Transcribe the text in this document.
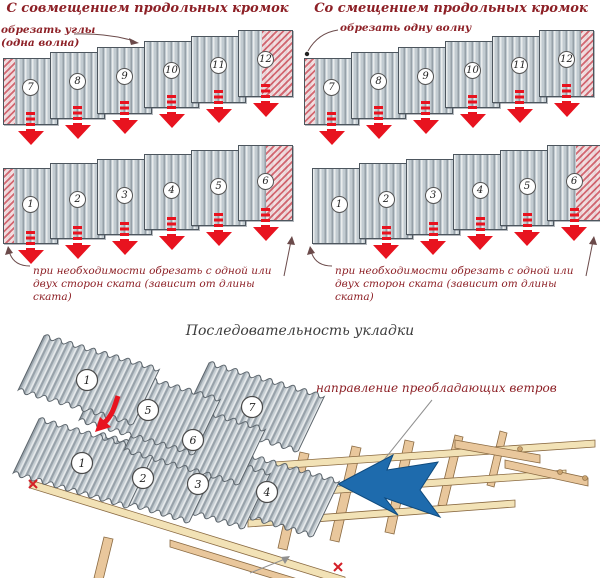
С совмещением продольных кромок
обрезать углы
(одна волна)
7
8	9
10	11
12
1	2	3	4	5	6

при необходимости обрезать с одной или двух сторон ската (зависит от длины ската)

Со смещением продольных кромок
обрезать одну волну
7
8	9
10	11
12
1	2	3	4	5	6

при необходимости обрезать с одной или двух сторон ската (зависит от длины ската)

Последовательность укладки
направление преобладающих ветров
1
2	3
4
5
6
7
1
